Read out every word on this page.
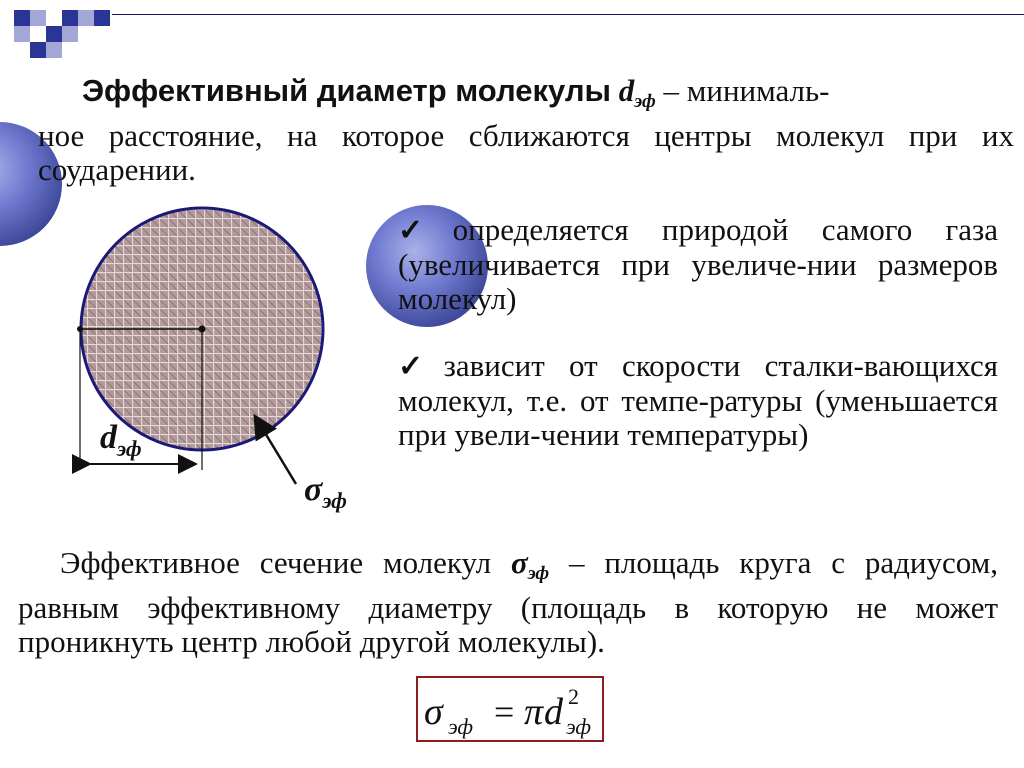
Эффективный диаметр молекулы $d_{эф}$ – минималь-
ное расстояние, на которое сближаются центры молекул при их соударении.

$d_{эф}$
$\sigma_{эф}$
✓ определяется природой самого газа (увеличивается при увеличе-нии размеров молекул)
✓ зависит от скорости сталки-вающихся молекул, т.е. от темпе-ратуры (уменьшается при увели-чении температуры)

Эффективное сечение молекул $\sigma_{эф}$ – площадь круга с радиусом, равным эффективному диаметру (площадь в которую не может проникнуть центр любой другой молекулы).

σ эф = π d 2
эф
